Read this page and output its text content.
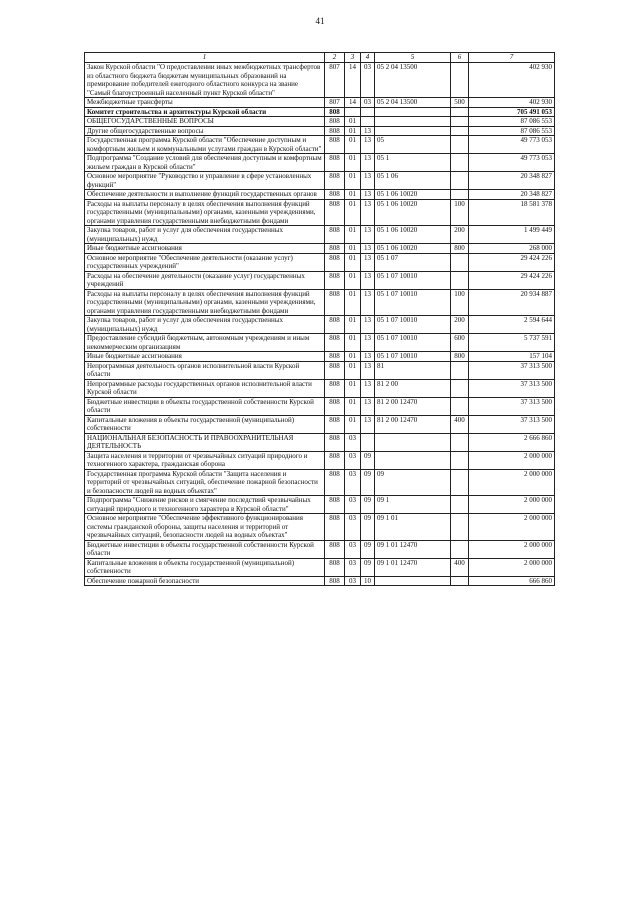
41
1	2	3	4	5	6	7
Закон Курской области "О предоставлении иных межбюджетных трансфертов из областного бюджета бюджетам муниципальных образований на премирование победителей ежегодного областного конкурса на звание "Самый благоустроенный населенный пункт Курской области"	807	14	03	05 2 04 13500		402 930
Межбюджетные трансферты	807	14	03	05 2 04 13500	500	402 930
Комитет строительства и архитектуры Курской области	808					705 491 053
ОБЩЕГОСУДАРСТВЕННЫЕ ВОПРОСЫ	808	01				87 086 553
Другие общегосударственные вопросы	808	01	13			87 086 553
Государственная программа Курской области "Обеспечение доступным и комфортным жильем и коммунальными услугами граждан в Курской области"	808	01	13	05		49 773 053
Подпрограмма "Создание условий для обеспечения доступным и комфортным жильем граждан в Курской области"	808	01	13	05 1		49 773 053
Основное мероприятие "Руководство и управление в сфере установленных функций"	808	01	13	05 1 06		20 348 827
Обеспечение деятельности и выполнение функций государственных органов	808	01	13	05 1 06 10020		20 348 827
Расходы на выплаты персоналу в целях обеспечения выполнения функций государственными (муниципальными) органами, казенными учреждениями, органами управления государственными внебюджетными фондами	808	01	13	05 1 06 10020	100	18 581 378
Закупка товаров, работ и услуг для обеспечения государственных (муниципальных) нужд	808	01	13	05 1 06 10020	200	1 499 449
Иные бюджетные ассигнования	808	01	13	05 1 06 10020	800	268 000
Основное мероприятие "Обеспечение деятельности (оказание услуг) государственных учреждений"	808	01	13	05 1 07		29 424 226
Расходы на обеспечение деятельности (оказание услуг) государственных учреждений	808	01	13	05 1 07 10010		29 424 226
Расходы на выплаты персоналу в целях обеспечения выполнения функций государственными (муниципальными) органами, казенными учреждениями, органами управления государственными внебюджетными фондами	808	01	13	05 1 07 10010	100	20 934 887
Закупка товаров, работ и услуг для обеспечения государственных (муниципальных) нужд	808	01	13	05 1 07 10010	200	2 594 644
Предоставление субсидий бюджетным, автономным учреждениям и иным некоммерческим организациям	808	01	13	05 1 07 10010	600	5 737 591
Иные бюджетные ассигнования	808	01	13	05 1 07 10010	800	157 104
Непрограммная деятельность органов исполнительной власти Курской области	808	01	13	81		37 313 500
Непрограммные расходы государственных органов исполнительной власти Курской области	808	01	13	81 2 00		37 313 500
Бюджетные инвестиции в объекты государственной собственности Курской области	808	01	13	81 2 00 12470		37 313 500
Капитальные вложения в объекты государственной (муниципальной) собственности	808	01	13	81 2 00 12470	400	37 313 500
НАЦИОНАЛЬНАЯ БЕЗОПАСНОСТЬ И ПРАВООХРАНИТЕЛЬНАЯ ДЕЯТЕЛЬНОСТЬ	808	03				2 666 860
Защита населения и территории от чрезвычайных ситуаций природного и техногенного характера, гражданская оборона	808	03	09			2 000 000
Государственная программа Курской области "Защита населения и территорий от чрезвычайных ситуаций, обеспечение пожарной безопасности и безопасности людей на водных объектах"	808	03	09	09		2 000 000
Подпрограмма "Снижение рисков и смягчение последствий чрезвычайных ситуаций природного и техногенного характера в Курской области"	808	03	09	09 1		2 000 000
Основное мероприятие "Обеспечение эффективного функционирования системы гражданской обороны, защиты населения и территорий от чрезвычайных ситуаций, безопасности людей на водных объектах"	808	03	09	09 1 01		2 000 000
Бюджетные инвестиции в объекты государственной собственности Курской области	808	03	09	09 1 01 12470		2 000 000
Капитальные вложения в объекты государственной (муниципальной) собственности	808	03	09	09 1 01 12470	400	2 000 000
Обеспечение пожарной безопасности	808	03	10			666 860
